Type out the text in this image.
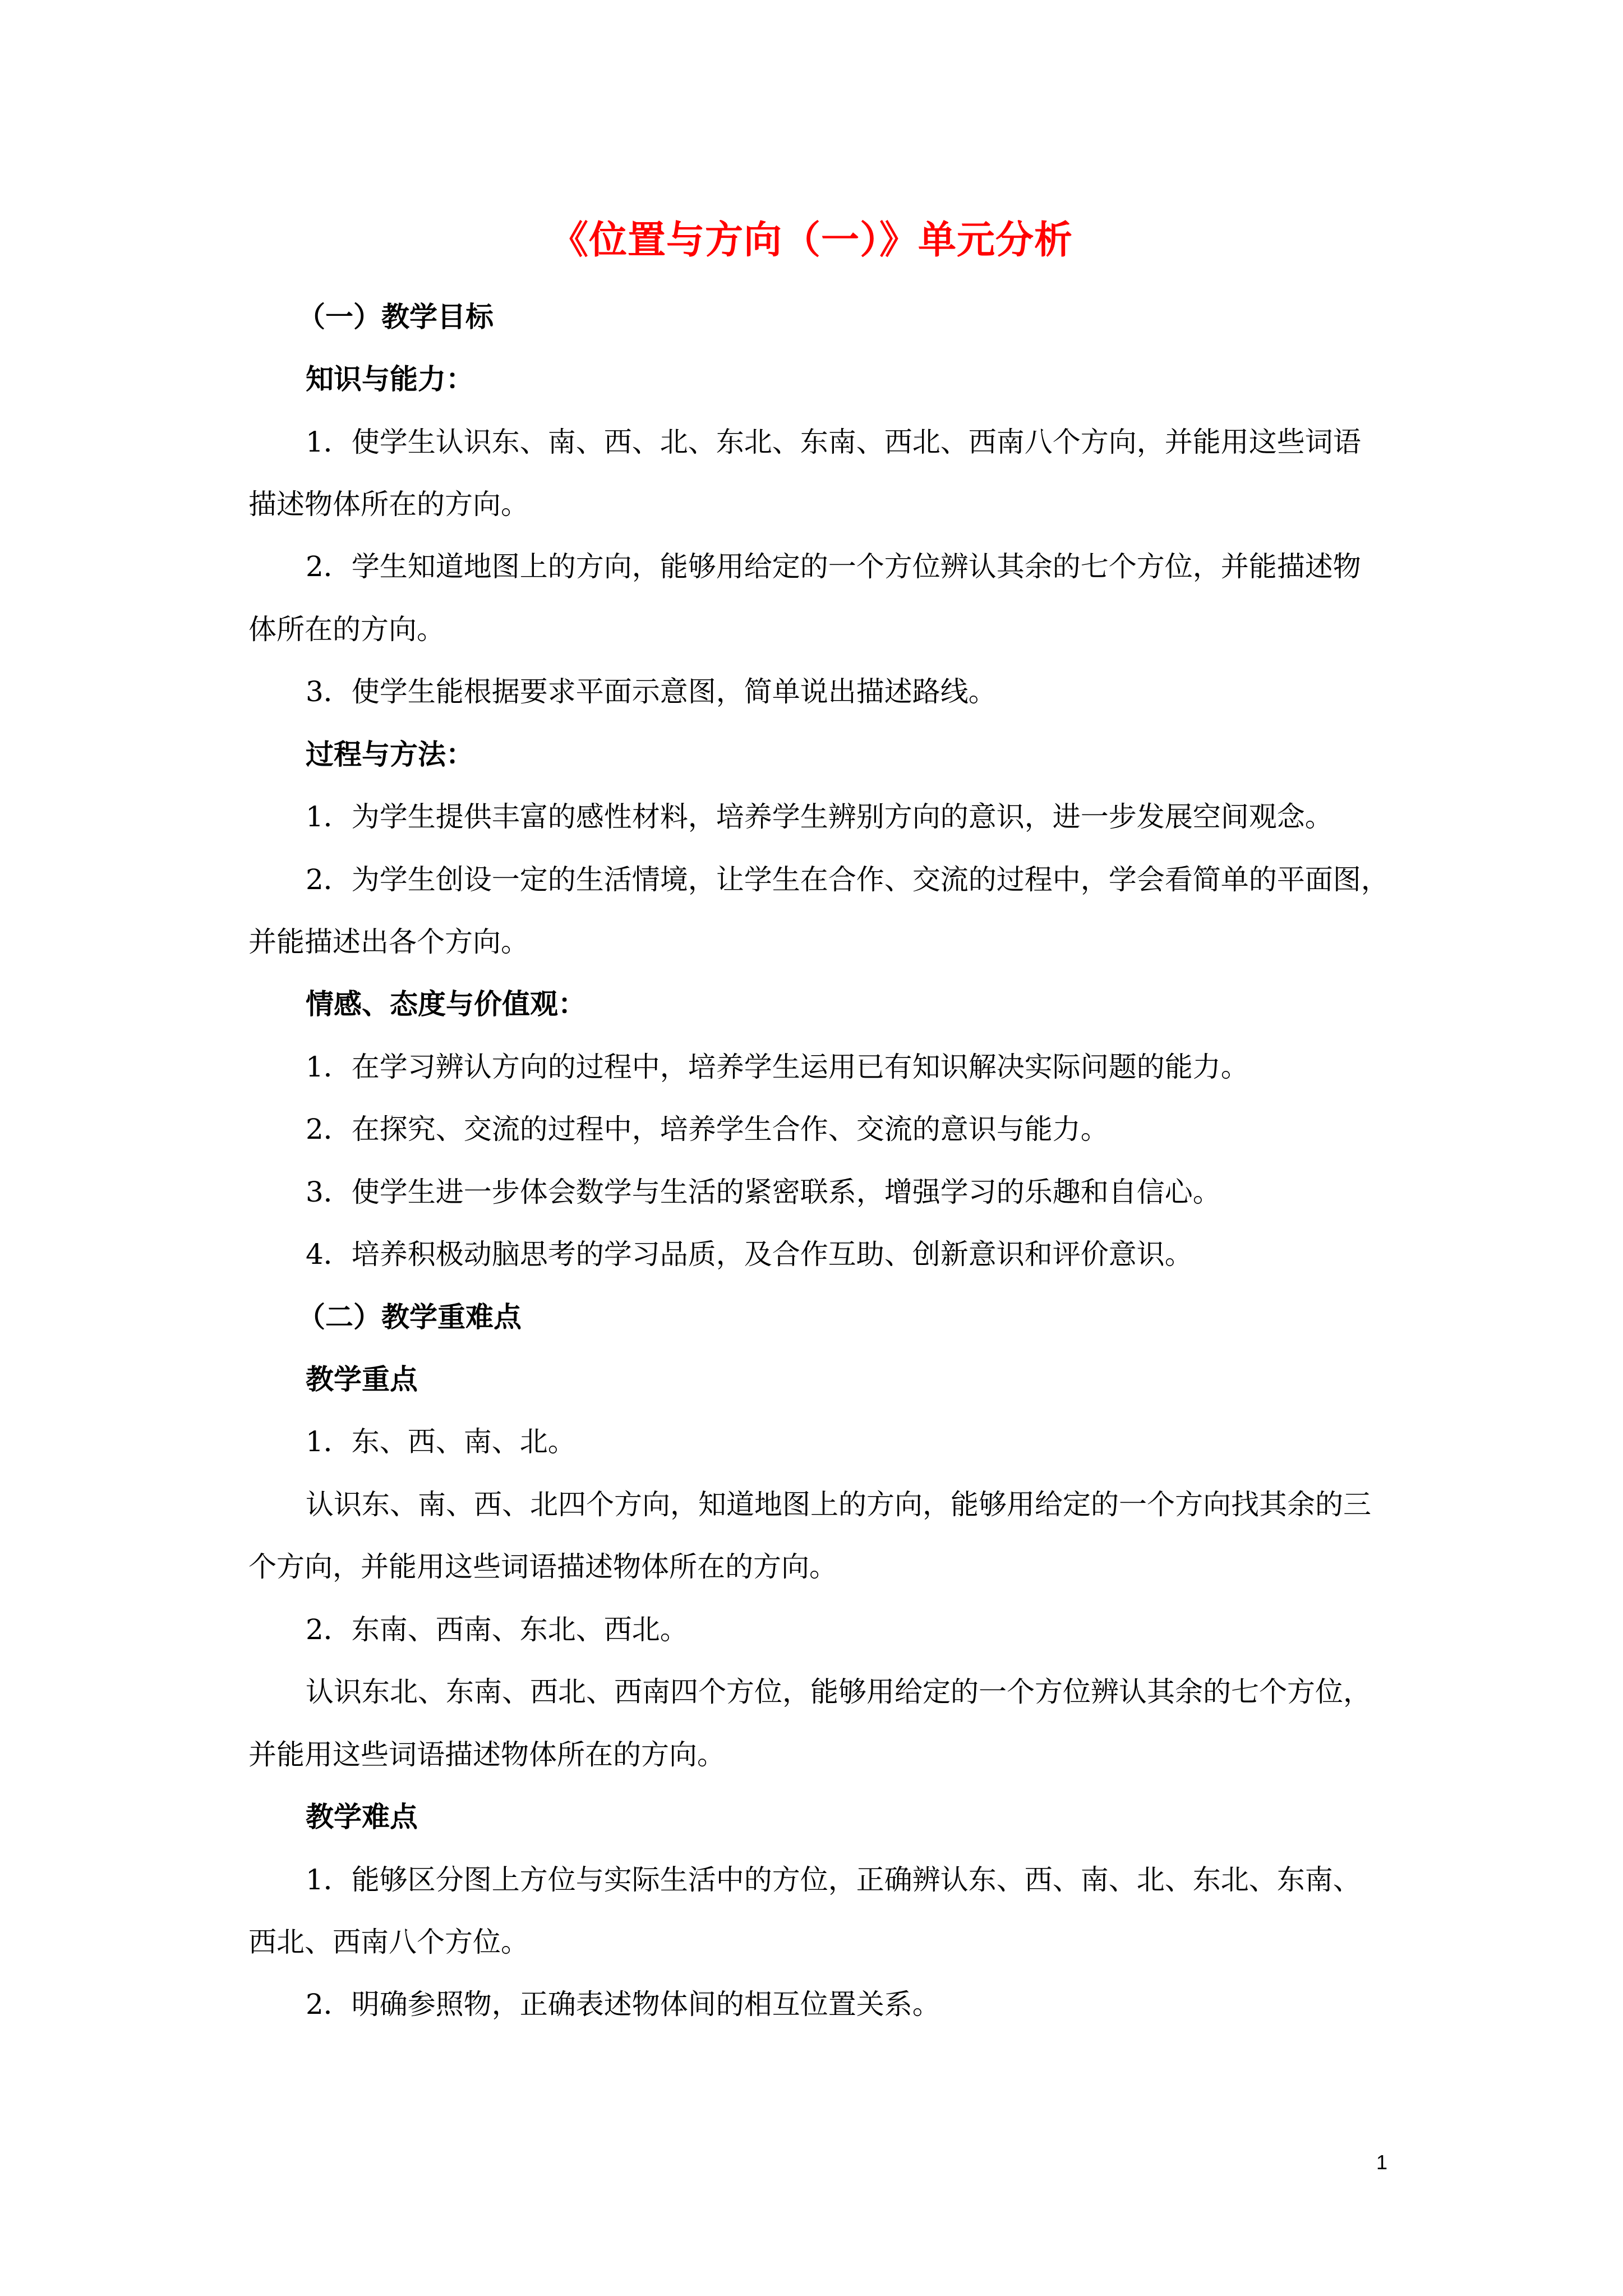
《位置与方向（一）》单元分析
（一）教学目标
知识与能力：
1．使学生认识东、南、西、北、东北、东南、西北、西南八个方向，并能用这些词语
描述物体所在的方向。
2．学生知道地图上的方向，能够用给定的一个方位辨认其余的七个方位，并能描述物
体所在的方向。
3．使学生能根据要求平面示意图，简单说出描述路线。
过程与方法：
1．为学生提供丰富的感性材料，培养学生辨别方向的意识，进一步发展空间观念。
2．为学生创设一定的生活情境，让学生在合作、交流的过程中，学会看简单的平面图，
并能描述出各个方向。
情感、态度与价值观：
1．在学习辨认方向的过程中，培养学生运用已有知识解决实际问题的能力。
2．在探究、交流的过程中，培养学生合作、交流的意识与能力。
3．使学生进一步体会数学与生活的紧密联系，增强学习的乐趣和自信心。
4．培养积极动脑思考的学习品质，及合作互助、创新意识和评价意识。
（二）教学重难点
教学重点
1．东、西、南、北。
认识东、南、西、北四个方向，知道地图上的方向，能够用给定的一个方向找其余的三
个方向，并能用这些词语描述物体所在的方向。
2．东南、西南、东北、西北。
认识东北、东南、西北、西南四个方位，能够用给定的一个方位辨认其余的七个方位，
并能用这些词语描述物体所在的方向。
教学难点
1．能够区分图上方位与实际生活中的方位，正确辨认东、西、南、北、东北、东南、
西北、西南八个方位。
2．明确参照物，正确表述物体间的相互位置关系。
1
